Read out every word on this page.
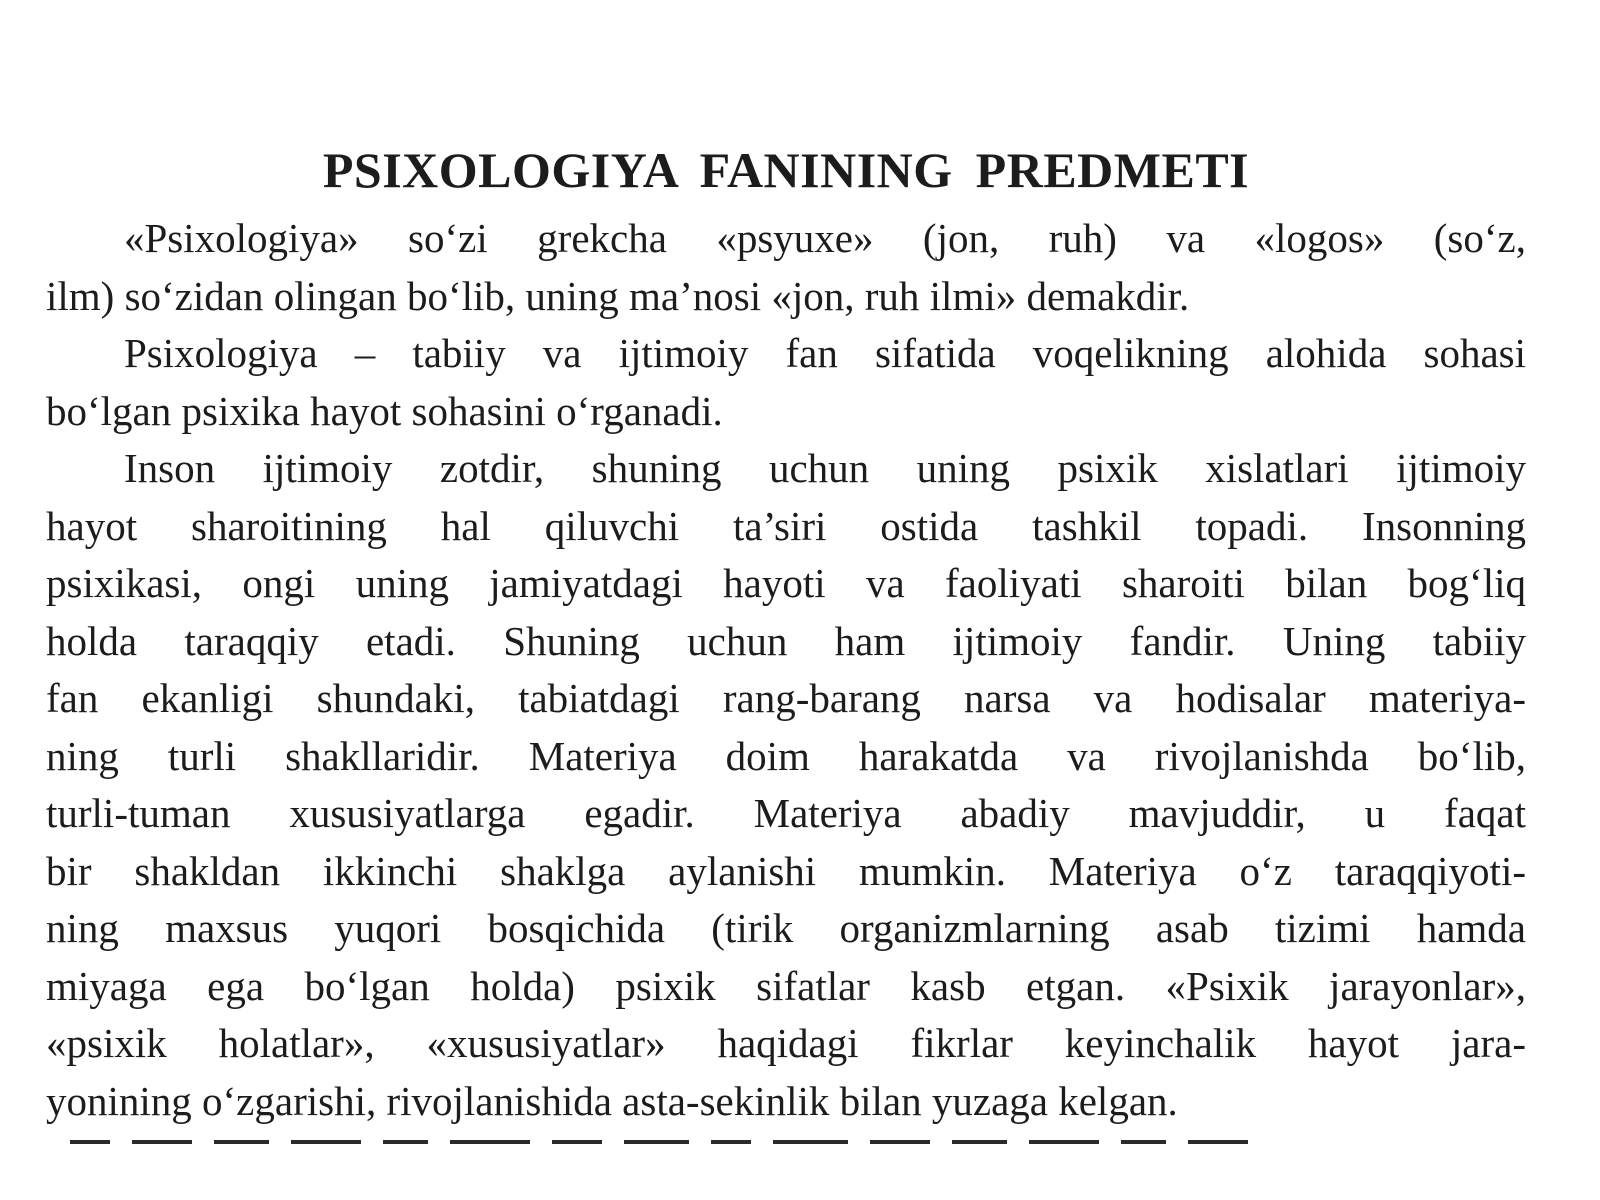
PSIXOLOGIYA FANINING PREDMETI

«Psixologiya» so‘zi grekcha «psyuxe» (jon, ruh) va «logos» (so‘z,
ilm) so‘zidan olingan bo‘lib, uning ma’nosi «jon, ruh ilmi» demakdir.

Psixologiya – tabiiy va ijtimoiy fan sifatida voqelikning alohida sohasi
bo‘lgan psixika hayot sohasini o‘rganadi.

Inson ijtimoiy zotdir, shuning uchun uning psixik xislatlari ijtimoiy
hayot sharoitining hal qiluvchi ta’siri ostida tashkil topadi. Insonning
psixikasi, ongi uning jamiyatdagi hayoti va faoliyati sharoiti bilan bog‘liq
holda taraqqiy etadi. Shuning uchun ham ijtimoiy fandir. Uning tabiiy
fan ekanligi shundaki, tabiatdagi rang-barang narsa va hodisalar materiya-
ning turli shakllaridir. Materiya doim harakatda va rivojlanishda bo‘lib,
turli-tuman xususiyatlarga egadir. Materiya abadiy mavjuddir, u faqat
bir shakldan ikkinchi shaklga aylanishi mumkin. Materiya o‘z taraqqiyoti-
ning maxsus yuqori bosqichida (tirik organizmlarning asab tizimi hamda
miyaga ega bo‘lgan holda) psixik sifatlar kasb etgan. «Psixik jarayonlar»,
«psixik holatlar», «xususiyatlar» haqidagi fikrlar keyinchalik hayot jara-
yonining o‘zgarishi, rivojlanishida asta-sekinlik bilan yuzaga kelgan.
